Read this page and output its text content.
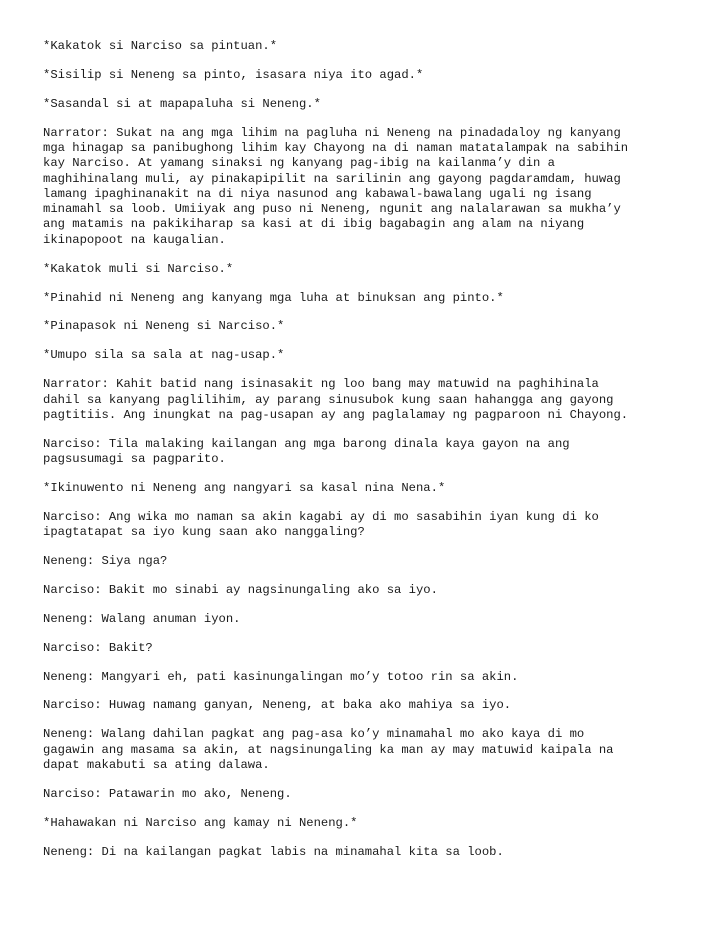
*Kakatok si Narciso sa pintuan.*

*Sisilip si Neneng sa pinto, isasara niya ito agad.*

*Sasandal si at mapapaluha si Neneng.*

Narrator: Sukat na ang mga lihim na pagluha ni Neneng na pinadadaloy ng kanyang
mga hinagap sa panibughong lihim kay Chayong na di naman matatalampak na sabihin
kay Narciso. At yamang sinaksi ng kanyang pag-ibig na kailanma’y din a
maghihinalang muli, ay pinakapipilit na sarilinin ang gayong pagdaramdam, huwag
lamang ipaghinanakit na di niya nasunod ang kabawal-bawalang ugali ng isang
minamahl sa loob. Umiiyak ang puso ni Neneng, ngunit ang nalalarawan sa mukha’y
ang matamis na pakikiharap sa kasi at di ibig bagabagin ang alam na niyang
ikinapopoot na kaugalian.

*Kakatok muli si Narciso.*

*Pinahid ni Neneng ang kanyang mga luha at binuksan ang pinto.*

*Pinapasok ni Neneng si Narciso.*

*Umupo sila sa sala at nag-usap.*

Narrator: Kahit batid nang isinasakit ng loo bang may matuwid na paghihinala
dahil sa kanyang paglilihim, ay parang sinusubok kung saan hahangga ang gayong
pagtitiis. Ang inungkat na pag-usapan ay ang paglalamay ng pagparoon ni Chayong.

Narciso: Tila malaking kailangan ang mga barong dinala kaya gayon na ang
pagsusumagi sa pagparito.

*Ikinuwento ni Neneng ang nangyari sa kasal nina Nena.*

Narciso: Ang wika mo naman sa akin kagabi ay di mo sasabihin iyan kung di ko
ipagtatapat sa iyo kung saan ako nanggaling?

Neneng: Siya nga?

Narciso: Bakit mo sinabi ay nagsinungaling ako sa iyo.

Neneng: Walang anuman iyon.

Narciso: Bakit?

Neneng: Mangyari eh, pati kasinungalingan mo’y totoo rin sa akin.

Narciso: Huwag namang ganyan, Neneng, at baka ako mahiya sa iyo.

Neneng: Walang dahilan pagkat ang pag-asa ko’y minamahal mo ako kaya di mo
gagawin ang masama sa akin, at nagsinungaling ka man ay may matuwid kaipala na
dapat makabuti sa ating dalawa.

Narciso: Patawarin mo ako, Neneng.

*Hahawakan ni Narciso ang kamay ni Neneng.*

Neneng: Di na kailangan pagkat labis na minamahal kita sa loob.
